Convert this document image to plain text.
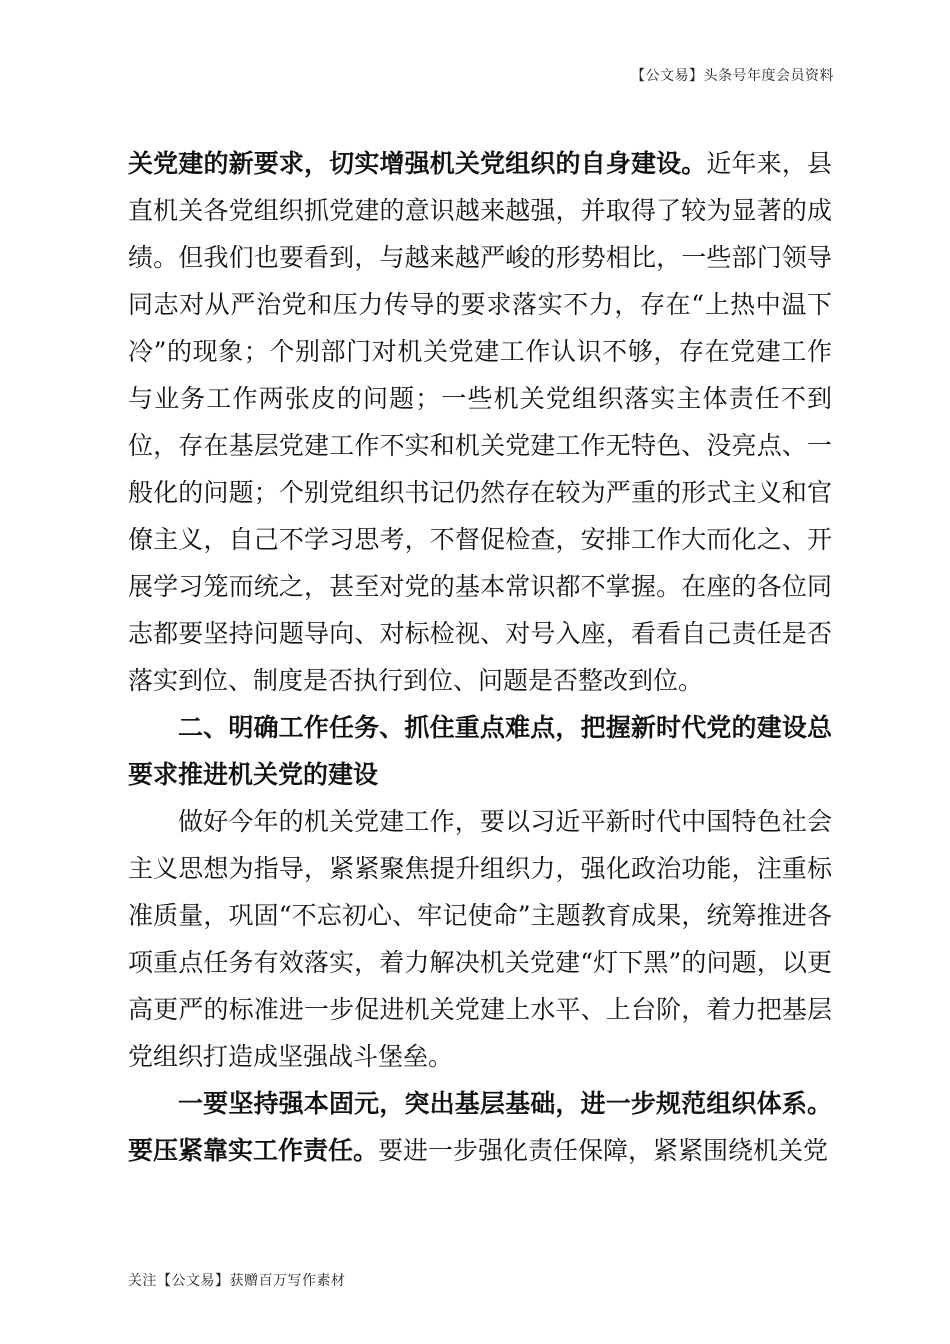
【公文易】头条号年度会员资料

关党建的新要求，切实增强机关党组织的自身建设。近年来，县直机关各党组织抓党建的意识越来越强，并取得了较为显著的成绩。但我们也要看到，与越来越严峻的形势相比，一些部门领导同志对从严治党和压力传导的要求落实不力，存在“上热中温下冷”的现象；个别部门对机关党建工作认识不够，存在党建工作与业务工作两张皮的问题；一些机关党组织落实主体责任不到位，存在基层党建工作不实和机关党建工作无特色、没亮点、一般化的问题；个别党组织书记仍然存在较为严重的形式主义和官僚主义，自己不学习思考，不督促检查，安排工作大而化之、开展学习笼而统之，甚至对党的基本常识都不掌握。在座的各位同志都要坚持问题导向、对标检视、对号入座，看看自己责任是否落实到位、制度是否执行到位、问题是否整改到位。

二、明确工作任务、抓住重点难点，把握新时代党的建设总要求推进机关党的建设

做好今年的机关党建工作，要以习近平新时代中国特色社会主义思想为指导，紧紧聚焦提升组织力，强化政治功能，注重标准质量，巩固“不忘初心、牢记使命”主题教育成果，统筹推进各项重点任务有效落实，着力解决机关党建“灯下黑”的问题，以更高更严的标准进一步促进机关党建上水平、上台阶，着力把基层党组织打造成坚强战斗堡垒。

一要坚持强本固元，突出基层基础，进一步规范组织体系。要压紧靠实工作责任。要进一步强化责任保障，紧紧围绕机关党

关注【公文易】获赠百万写作素材
